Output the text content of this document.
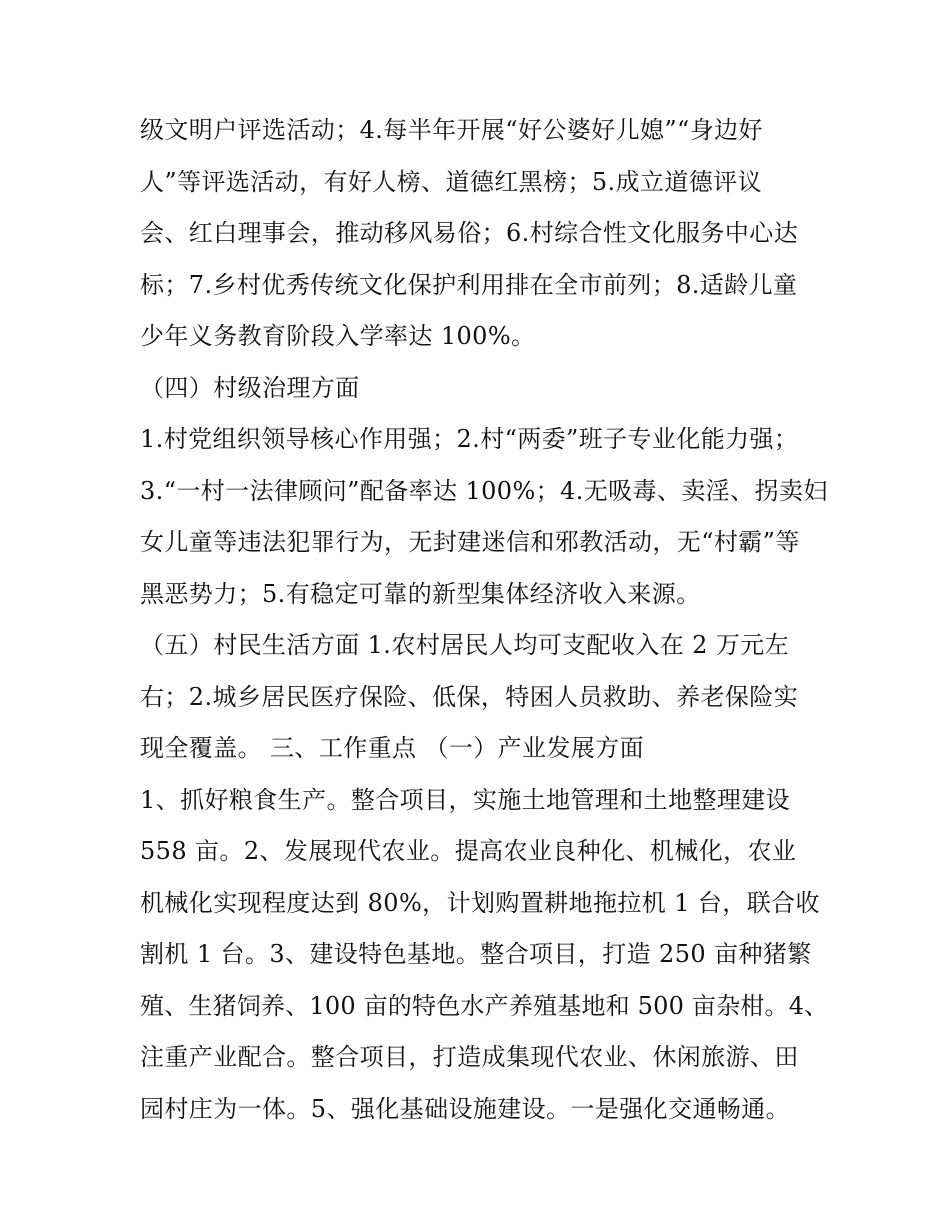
级文明户评选活动；4.每半年开展“好公婆好儿媳”“身边好
人”等评选活动，有好人榜、道德红黑榜；5.成立道德评议
会、红白理事会，推动移风易俗；6.村综合性文化服务中心达
标；7.乡村优秀传统文化保护利用排在全市前列；8.适龄儿童
少年义务教育阶段入学率达 100%。
（四）村级治理方面
1.村党组织领导核心作用强；2.村“两委”班子专业化能力强；
3.“一村一法律顾问”配备率达 100%；4.无吸毒、卖淫、拐卖妇
女儿童等违法犯罪行为，无封建迷信和邪教活动，无“村霸”等
黑恶势力；5.有稳定可靠的新型集体经济收入来源。
（五）村民生活方面 1.农村居民人均可支配收入在 2 万元左
右；2.城乡居民医疗保险、低保，特困人员救助、养老保险实
现全覆盖。 三、工作重点 （一）产业发展方面
1、抓好粮食生产。整合项目，实施土地管理和土地整理建设
558 亩。2、发展现代农业。提高农业良种化、机械化，农业
机械化实现程度达到 80%，计划购置耕地拖拉机 1 台，联合收
割机 1 台。3、建设特色基地。整合项目，打造 250 亩种猪繁
殖、生猪饲养、100 亩的特色水产养殖基地和 500 亩杂柑。4、
注重产业配合。整合项目，打造成集现代农业、休闲旅游、田
园村庄为一体。5、强化基础设施建设。一是强化交通畅通。
